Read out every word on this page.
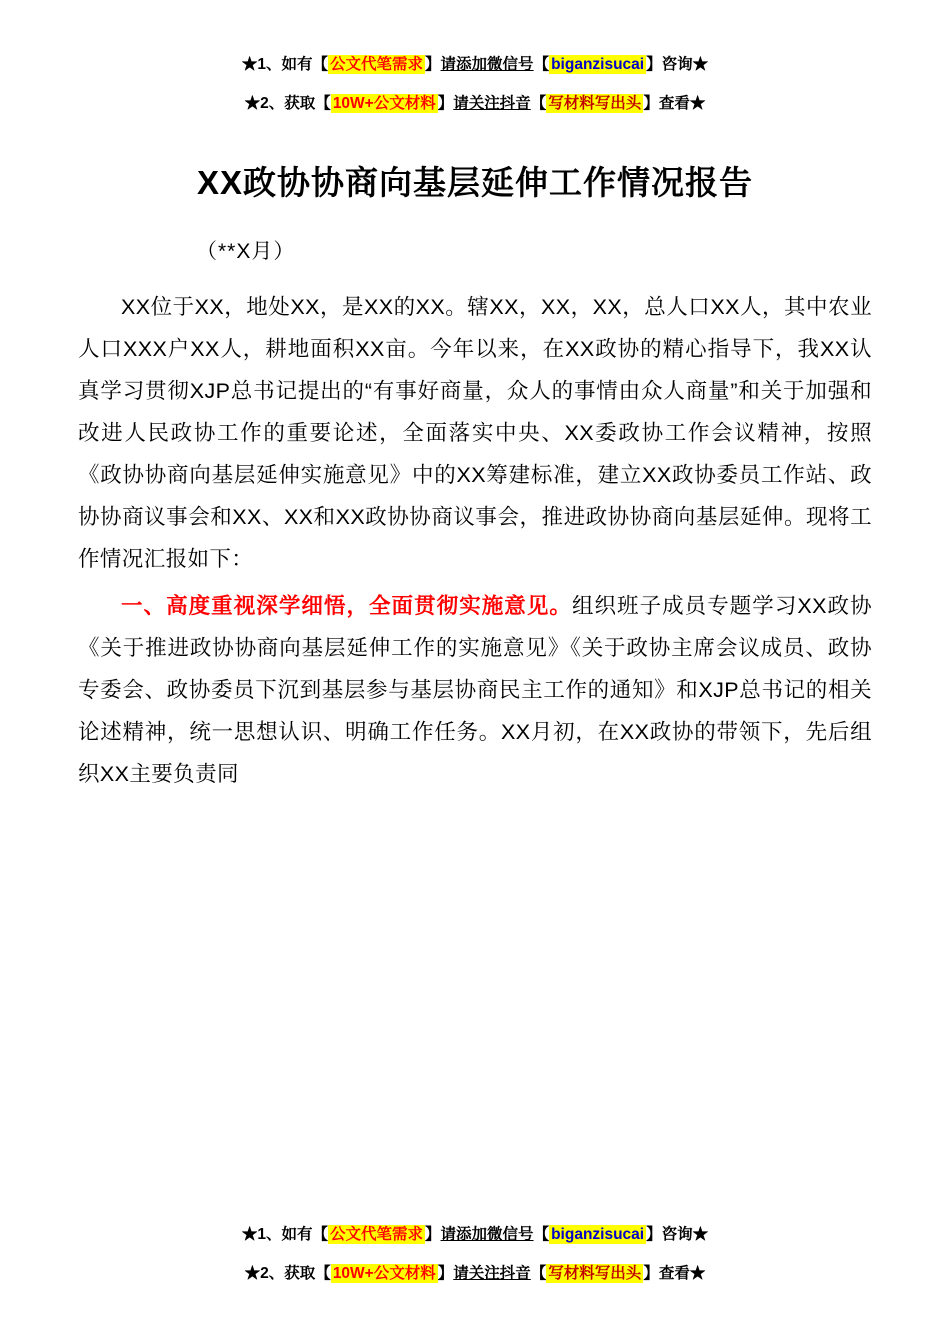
★1、如有【 公文代笔需求 】请添加微信号【 biganzisucai 】咨询★
★2、获取【 10W+公文材料 】请关注抖音【 写材料写出头 】查看★
XX政协协商向基层延伸工作情况报告
（**X月）

XX位于XX，地处XX，是XX的XX。辖XX，XX，XX，总人口XX人，其中农业人口XXX户XX人，耕地面积XX亩。今年以来，在XX政协的精心指导下，我XX认真学习贯彻XJP总书记提出的“有事好商量，众人的事情由众人商量”和关于加强和改进人民政协工作的重要论述，全面落实中央、XX委政协工作会议精神，按照《政协协商向基层延伸实施意见》中的XX筹建标准，建立XX政协委员工作站、政协协商议事会和XX、XX和XX政协协商议事会，推进政协协商向基层延伸。现将工作情况汇报如下：

一、高度重视深学细悟，全面贯彻实施意见。组织班子成员专题学习XX政协《关于推进政协协商向基层延伸工作的实施意见》《关于政协主席会议成员、政协专委会、政协委员下沉到基层参与基层协商民主工作的通知》和XJP总书记的相关论述精神，统一思想认识、明确工作任务。XX月初，在XX政协的带领下，先后组织XX主要负责同

★1、如有【 公文代笔需求 】请添加微信号【 biganzisucai 】咨询★
★2、获取【 10W+公文材料 】请关注抖音【 写材料写出头 】查看★
